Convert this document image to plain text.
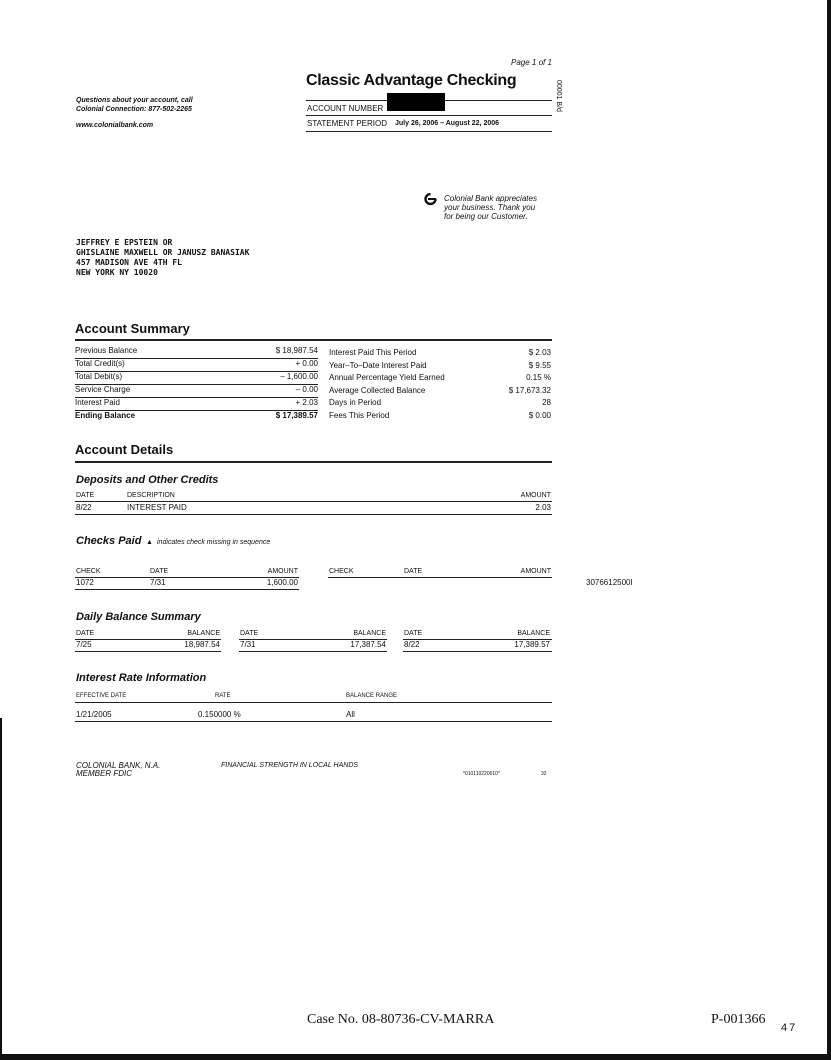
Page 1 of 1
Classic Advantage Checking	00001 B/d
Questions about your account, call
Colonial Connection: 877-502-2265
www.colonialbank.com
ACCOUNT NUMBER
STATEMENT PERIOD July 26, 2006 – August 22, 2006
Colonial Bank appreciates
your business. Thank you
for being our Customer.
JEFFREY E EPSTEIN OR
GHISLAINE MAXWELL OR JANUSZ BANASIAK
457 MADISON AVE 4TH FL
NEW YORK NY 10020
Account Summary
Previous Balance	$ 18,987.54
Total Credit(s)	+ 0.00
Total Debit(s)	– 1,600.00
Service Charge	– 0.00
Interest Paid	+ 2.03
Ending Balance	$ 17,389.57
Interest Paid This Period	$ 2.03
Year–To–Date Interest Paid	$ 9.55
Annual Percentage Yield Earned	0.15 %
Average Collected Balance	$ 17,673.32
Days in Period	28
Fees This Period	$ 0.00
Account Details
Deposits and Other Credits
DATE	DESCRIPTION	AMOUNT
8/22	INTEREST PAID	2.03
Checks Paid ▲ indicates check missing in sequence
CHECK	DATE	AMOUNT	CHECK	DATE	AMOUNT
1072	7/31	1,600.00	3076612500I
Daily Balance Summary
DATE	BALANCE	DATE	BALANCE	DATE	BALANCE
7/25	18,987.54	7/31	17,387.54 8/22	17,389.57
Interest Rate Information
EFFECTIVE DATE	RATE	BALANCE RANGE
1/21/2005	0.150000 %	All
COLONIAL BANK, N.A.
MEMBER FDIC
FINANCIAL STRENGTH IN LOCAL HANDS
*010110220010*	32
Case No. 08-80736-CV-MARRA	P-001366
47
